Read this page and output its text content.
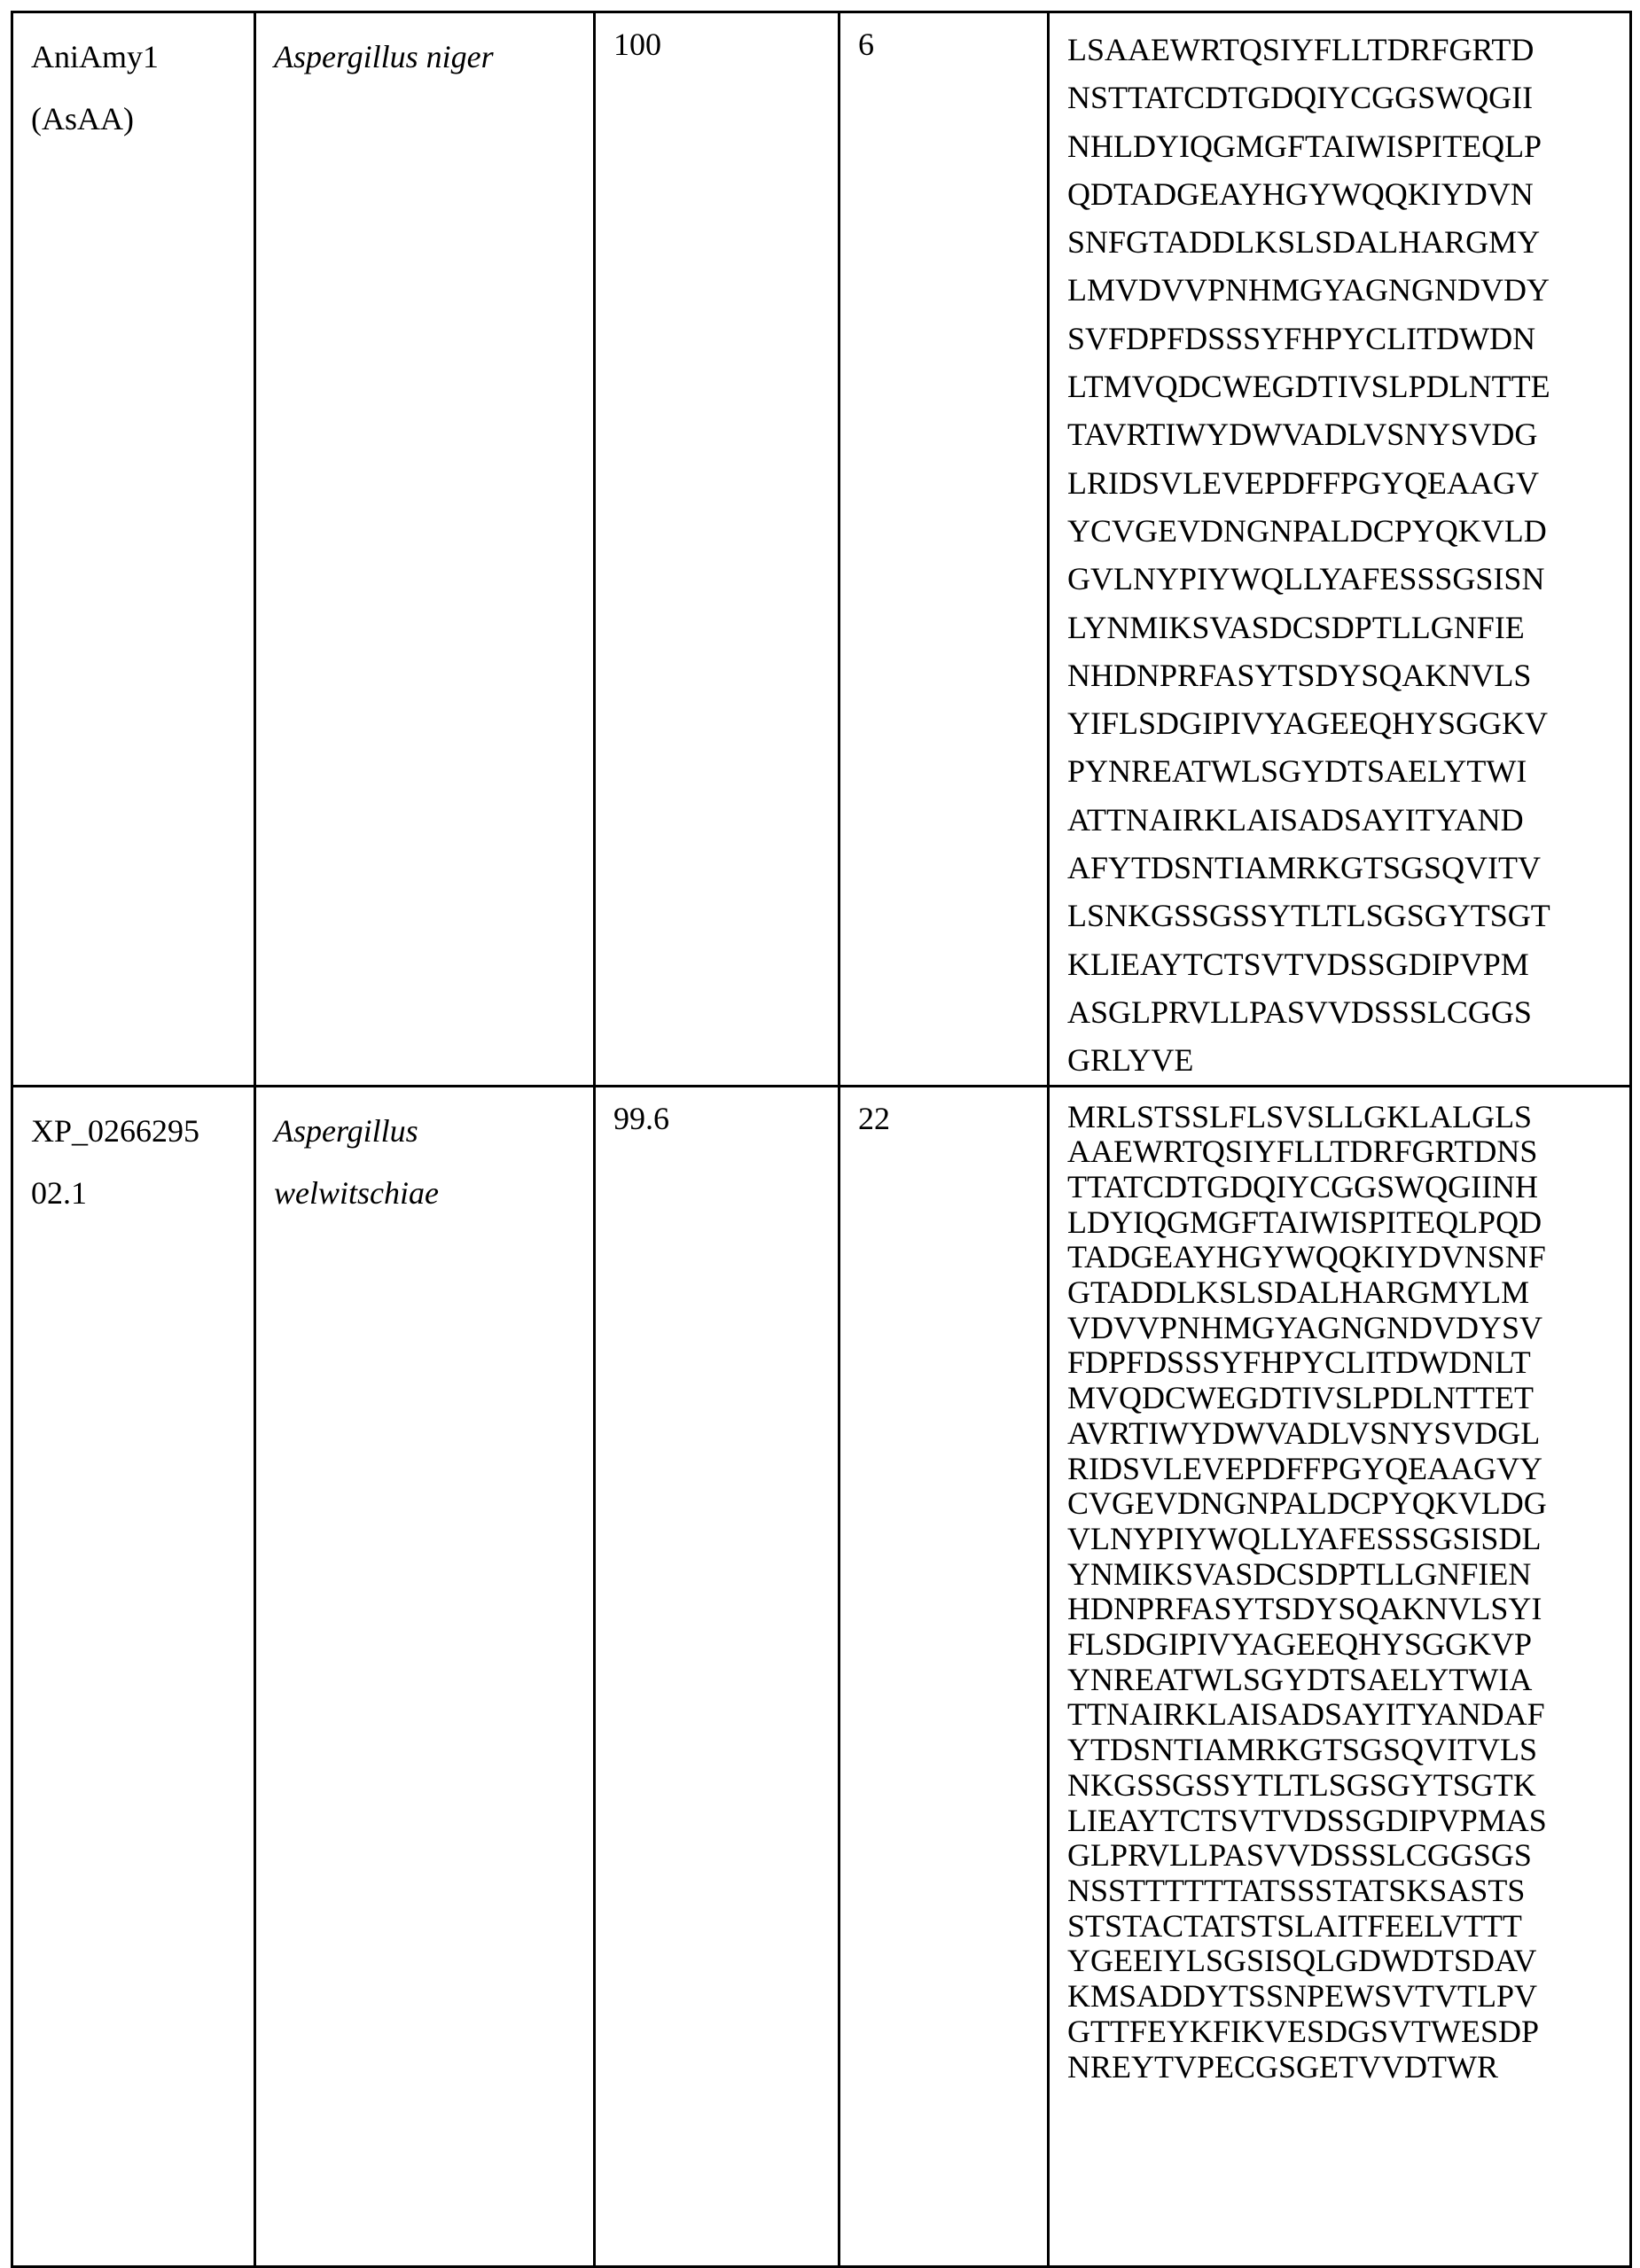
AniAmy1
(AsAA)

Aspergillus niger	100	6	LSAAEWRTQSIYFLLTDRFGRTD
NSTTATCDTGDQIYCGGSWQGII
NHLDYIQGMGFTAIWISPITEQLP
QDTADGEAYHGYWQQKIYDVN
SNFGTADDLKSLSDALHARGMY
LMVDVVPNHMGYAGNGNDVDY
SVFDPFDSSSYFHPYCLITDWDN
LTMVQDCWEGDTIVSLPDLNTTE
TAVRTIWYDWVADLVSNYSVDG
LRIDSVLEVEPDFFPGYQEAAGV
YCVGEVDNGNPALDCPYQKVLD
GVLNYPIYWQLLYAFESSSGSISN
LYNMIKSVASDCSDPTLLGNFIE
NHDNPRFASYTSDYSQAKNVLS
YIFLSDGIPIVYAGEEQHYSGGKV
PYNREATWLSGYDTSAELYTWI
ATTNAIRKLAISADSAYITYAND
AFYTDSNTIAMRKGTSGSQVITV
LSNKGSSGSSYTLTLSGSGYTSGT
KLIEAYTCTSVTVDSSGDIPVPM
ASGLPRVLLPASVVDSSSLCGGS
GRLYVE

XP_0266295
02.1

Aspergillus
welwitschiae
	99.6	22	MRLSTSSLFLSVSLLGKLALGLS
AAEWRTQSIYFLLTDRFGRTDNS
TTATCDTGDQIYCGGSWQGIINH
LDYIQGMGFTAIWISPITEQLPQD
TADGEAYHGYWQQKIYDVNSNF
GTADDLKSLSDALHARGMYLM
VDVVPNHMGYAGNGNDVDYSV
FDPFDSSSYFHPYCLITDWDNLT
MVQDCWEGDTIVSLPDLNTTET
AVRTIWYDWVADLVSNYSVDGL
RIDSVLEVEPDFFPGYQEAAGVY
CVGEVDNGNPALDCPYQKVLDG
VLNYPIYWQLLYAFESSSGSISDL
YNMIKSVASDCSDPTLLGNFIEN
HDNPRFASYTSDYSQAKNVLSYI
FLSDGIPIVYAGEEQHYSGGKVP
YNREATWLSGYDTSAELYTWIA
TTNAIRKLAISADSAYITYANDAF
YTDSNTIAMRKGTSGSQVITVLS
NKGSSGSSYTLTLSGSGYTSGTK
LIEAYTCTSVTVDSSGDIPVPMAS
GLPRVLLPASVVDSSSLCGGSGS
NSSTTTTTTATSSSTATSKSASTS
STSTACTATSTSLAITFEELVTTT
YGEEIYLSGSISQLGDWDTSDAV
KMSADDYTSSNPEWSVTVTLPV
GTTFEYKFIKVESDGSVTWESDP
NREYTVPECGSGETVVDTWR
